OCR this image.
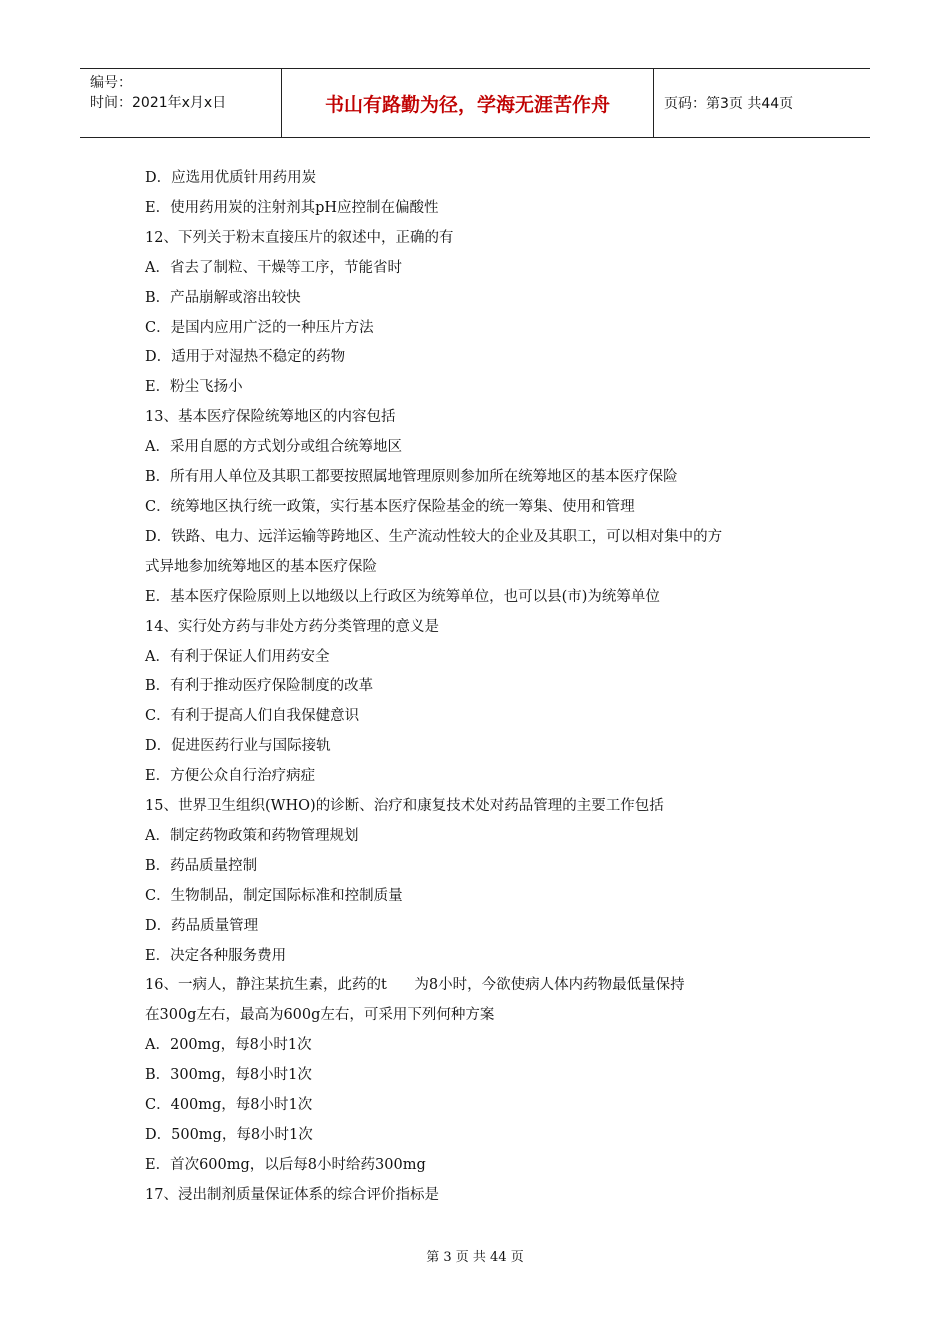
编号：
时间：2021年x月x日	书山有路勤为径，学海无涯苦作舟	页码：第3页 共44页
D．应选用优质针用药用炭
E．使用药用炭的注射剂其pH应控制在偏酸性
12、下列关于粉末直接压片的叙述中，正确的有
A．省去了制粒、干燥等工序，节能省时
B．产品崩解或溶出较快
C．是国内应用广泛的一种压片方法
D．适用于对湿热不稳定的药物
E．粉尘飞扬小
13、基本医疗保险统筹地区的内容包括
A．采用自愿的方式划分或组合统筹地区
B．所有用人单位及其职工都要按照属地管理原则参加所在统筹地区的基本医疗保险
C．统筹地区执行统一政策，实行基本医疗保险基金的统一筹集、使用和管理
D．铁路、电力、远洋运输等跨地区、生产流动性较大的企业及其职工，可以相对集中的方
式异地参加统筹地区的基本医疗保险
E．基本医疗保险原则上以地级以上行政区为统筹单位，也可以县(市)为统筹单位
14、实行处方药与非处方药分类管理的意义是
A．有利于保证人们用药安全
B．有利于推动医疗保险制度的改革
C．有利于提高人们自我保健意识
D．促进医药行业与国际接轨
E．方便公众自行治疗病症
15、世界卫生组织(WHO)的诊断、治疗和康复技术处对药品管理的主要工作包括
A．制定药物政策和药物管理规划
B．药品质量控制
C．生物制品，制定国际标准和控制质量
D．药品质量管理
E．决定各种服务费用
16、一病人，静注某抗生素，此药的t      为8小时，今欲使病人体内药物最低量保持
在300g左右，最高为600g左右，可采用下列何种方案
A．200mg，每8小时1次
B．300mg，每8小时1次
C．400mg，每8小时1次
D．500mg，每8小时1次
E．首次600mg，以后每8小时给药300mg
17、浸出制剂质量保证体系的综合评价指标是
第 3 页 共 44 页
